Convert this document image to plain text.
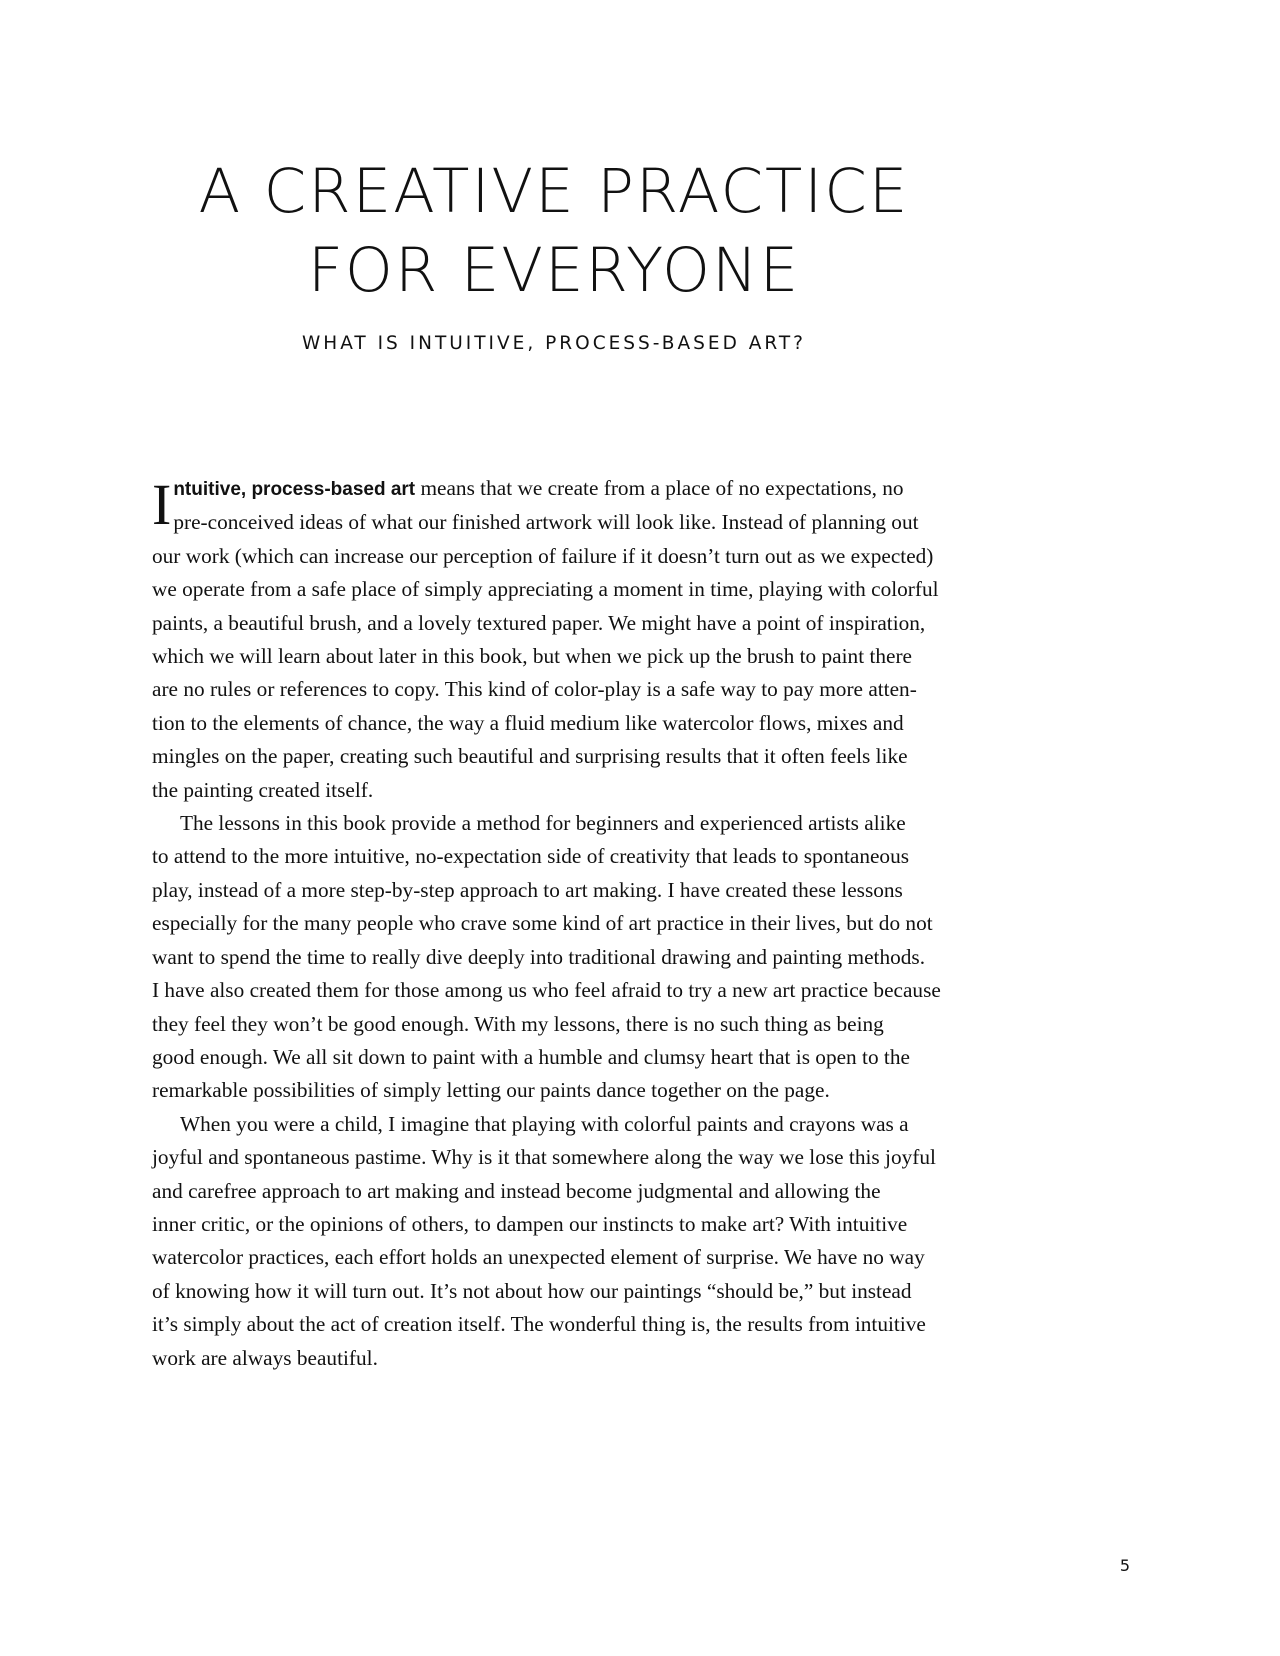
A CREATIVE PRACTICE
FOR EVERYONE
WHAT IS INTUITIVE, PROCESS-BASED ART?

I ntuitive, process-based art means that we create from a place of no expectations, no
pre-conceived ideas of what our finished artwork will look like. Instead of planning out
our work (which can increase our perception of failure if it doesn’t turn out as we expected)
we operate from a safe place of simply appreciating a moment in time, playing with colorful
paints, a beautiful brush, and a lovely textured paper. We might have a point of inspiration,
which we will learn about later in this book, but when we pick up the brush to paint there
are no rules or references to copy. This kind of color-play is a safe way to pay more atten-
tion to the elements of chance, the way a fluid medium like watercolor flows, mixes and
mingles on the paper, creating such beautiful and surprising results that it often feels like
the painting created itself.

The lessons in this book provide a method for beginners and experienced artists alike
to attend to the more intuitive, no-expectation side of creativity that leads to spontaneous
play, instead of a more step-by-step approach to art making. I have created these lessons
especially for the many people who crave some kind of art practice in their lives, but do not
want to spend the time to really dive deeply into traditional drawing and painting methods.
I have also created them for those among us who feel afraid to try a new art practice because
they feel they won’t be good enough. With my lessons, there is no such thing as being
good enough. We all sit down to paint with a humble and clumsy heart that is open to the
remarkable possibilities of simply letting our paints dance together on the page.

When you were a child, I imagine that playing with colorful paints and crayons was a
joyful and spontaneous pastime. Why is it that somewhere along the way we lose this joyful
and carefree approach to art making and instead become judgmental and allowing the
inner critic, or the opinions of others, to dampen our instincts to make art? With intuitive
watercolor practices, each effort holds an unexpected element of surprise. We have no way
of knowing how it will turn out. It’s not about how our paintings “should be,” but instead
it’s simply about the act of creation itself. The wonderful thing is, the results from intuitive
work are always beautiful.

5
